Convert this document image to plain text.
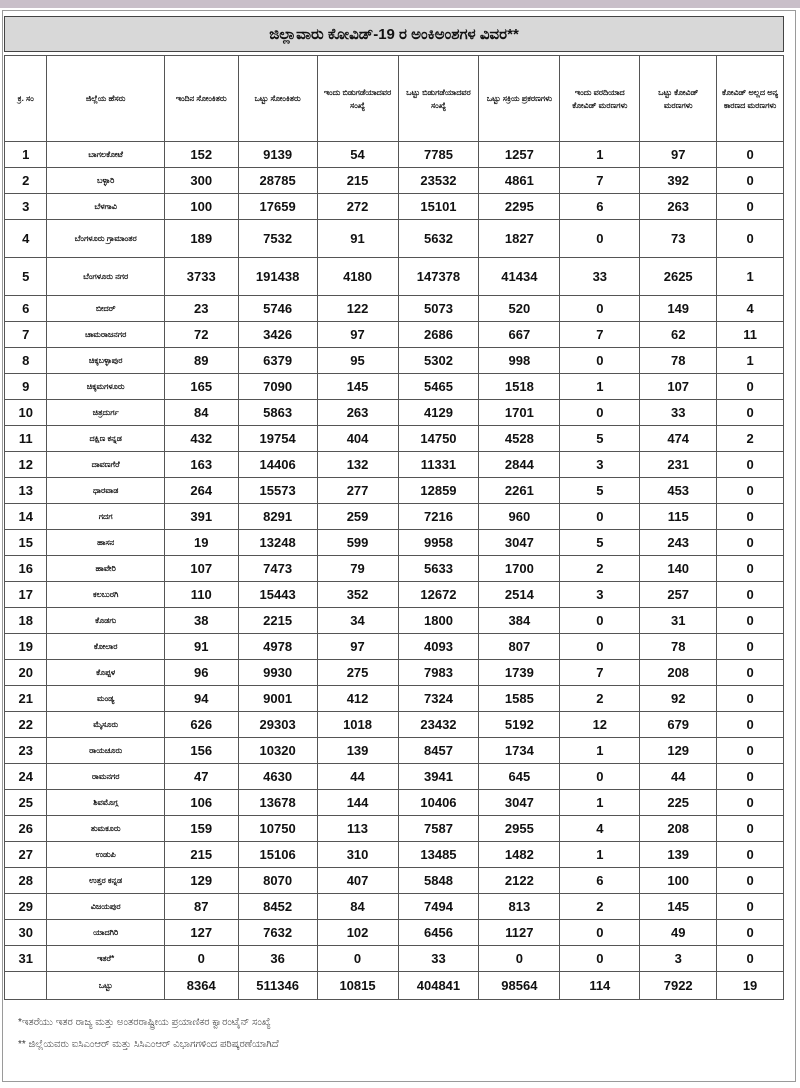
ಜಿಲ್ಲಾವಾರು ಕೋವಿಡ್-19 ರ ಅಂಕಿಅಂಶಗಳ ವಿವರ**
ಕ್ರ. ಸಂ	ಜಿಲ್ಲೆಯ ಹೆಸರು	ಇಂದಿನ ಸೋಂಕಿತರು	ಒಟ್ಟು ಸೋಂಕಿತರು	ಇಂದು ಬಿಡುಗಡೆಯಾದವರ ಸಂಖ್ಯೆ	ಒಟ್ಟು ಬಿಡುಗಡೆಯಾದವರ ಸಂಖ್ಯೆ	ಒಟ್ಟು ಸಕ್ರಿಯ ಪ್ರಕರಣಗಳು	ಇಂದು ವರದಿಯಾದ ಕೋವಿಡ್ ಮರಣಗಳು	ಒಟ್ಟು ಕೋವಿಡ್ ಮರಣಗಳು	ಕೋವಿಡ್ ಅಲ್ಲದ ಅನ್ಯ ಕಾರಣದ ಮರಣಗಳು
1	ಬಾಗಲಕೋಟೆ	152	9139	54	7785	1257	1	97	0
2	ಬಳ್ಳಾರಿ	300	28785	215	23532	4861	7	392	0
3	ಬೆಳಗಾವಿ	100	17659	272	15101	2295	6	263	0
4	ಬೆಂಗಳೂರು ಗ್ರಾಮಾಂತರ	189	7532	91	5632	1827	0	73	0
5	ಬೆಂಗಳೂರು ನಗರ	3733	191438	4180	147378	41434	33	2625	1
6	ಬೀದರ್	23	5746	122	5073	520	0	149	4
7	ಚಾಮರಾಜನಗರ	72	3426	97	2686	667	7	62	11
8	ಚಿಕ್ಕಬಳ್ಳಾಪುರ	89	6379	95	5302	998	0	78	1
9	ಚಿಕ್ಕಮಗಳೂರು	165	7090	145	5465	1518	1	107	0
10	ಚಿತ್ರದುರ್ಗ	84	5863	263	4129	1701	0	33	0
11	ದಕ್ಷಿಣ ಕನ್ನಡ	432	19754	404	14750	4528	5	474	2
12	ದಾವಣಗೆರೆ	163	14406	132	11331	2844	3	231	0
13	ಧಾರವಾಡ	264	15573	277	12859	2261	5	453	0
14	ಗದಗ	391	8291	259	7216	960	0	115	0
15	ಹಾಸನ	19	13248	599	9958	3047	5	243	0
16	ಹಾವೇರಿ	107	7473	79	5633	1700	2	140	0
17	ಕಲಬುರಗಿ	110	15443	352	12672	2514	3	257	0
18	ಕೊಡಗು	38	2215	34	1800	384	0	31	0
19	ಕೋಲಾರ	91	4978	97	4093	807	0	78	0
20	ಕೊಪ್ಪಳ	96	9930	275	7983	1739	7	208	0
21	ಮಂಡ್ಯ	94	9001	412	7324	1585	2	92	0
22	ಮೈಸೂರು	626	29303	1018	23432	5192	12	679	0
23	ರಾಯಚೂರು	156	10320	139	8457	1734	1	129	0
24	ರಾಮನಗರ	47	4630	44	3941	645	0	44	0
25	ಶಿವಮೊಗ್ಗ	106	13678	144	10406	3047	1	225	0
26	ತುಮಕೂರು	159	10750	113	7587	2955	4	208	0
27	ಉಡುಪಿ	215	15106	310	13485	1482	1	139	0
28	ಉತ್ತರ ಕನ್ನಡ	129	8070	407	5848	2122	6	100	0
29	ವಿಜಯಪುರ	87	8452	84	7494	813	2	145	0
30	ಯಾದಗಿರಿ	127	7632	102	6456	1127	0	49	0
31	ಇತರೆ*	0	36	0	33	0	0	3	0
	ಒಟ್ಟು	8364	511346	10815	404841	98564	114	7922	19
*ಇತರೆಯು ಇತರ ರಾಜ್ಯ ಮತ್ತು ಅಂತರರಾಷ್ಟ್ರೀಯ ಪ್ರಯಾಣಿಕರ ಕ್ವಾರಂಟೈನ್ ಸಂಖ್ಯೆ
** ಜಿಲ್ಲೆಯವರು ಐಸಿಎಂಆರ್ ಮತ್ತು ಸಿಸಿಎಂಆರ್ ವಿಭಾಗಗಳಿಂದ ಪರಿಷ್ಕರಣೆಯಾಗಿದೆ
